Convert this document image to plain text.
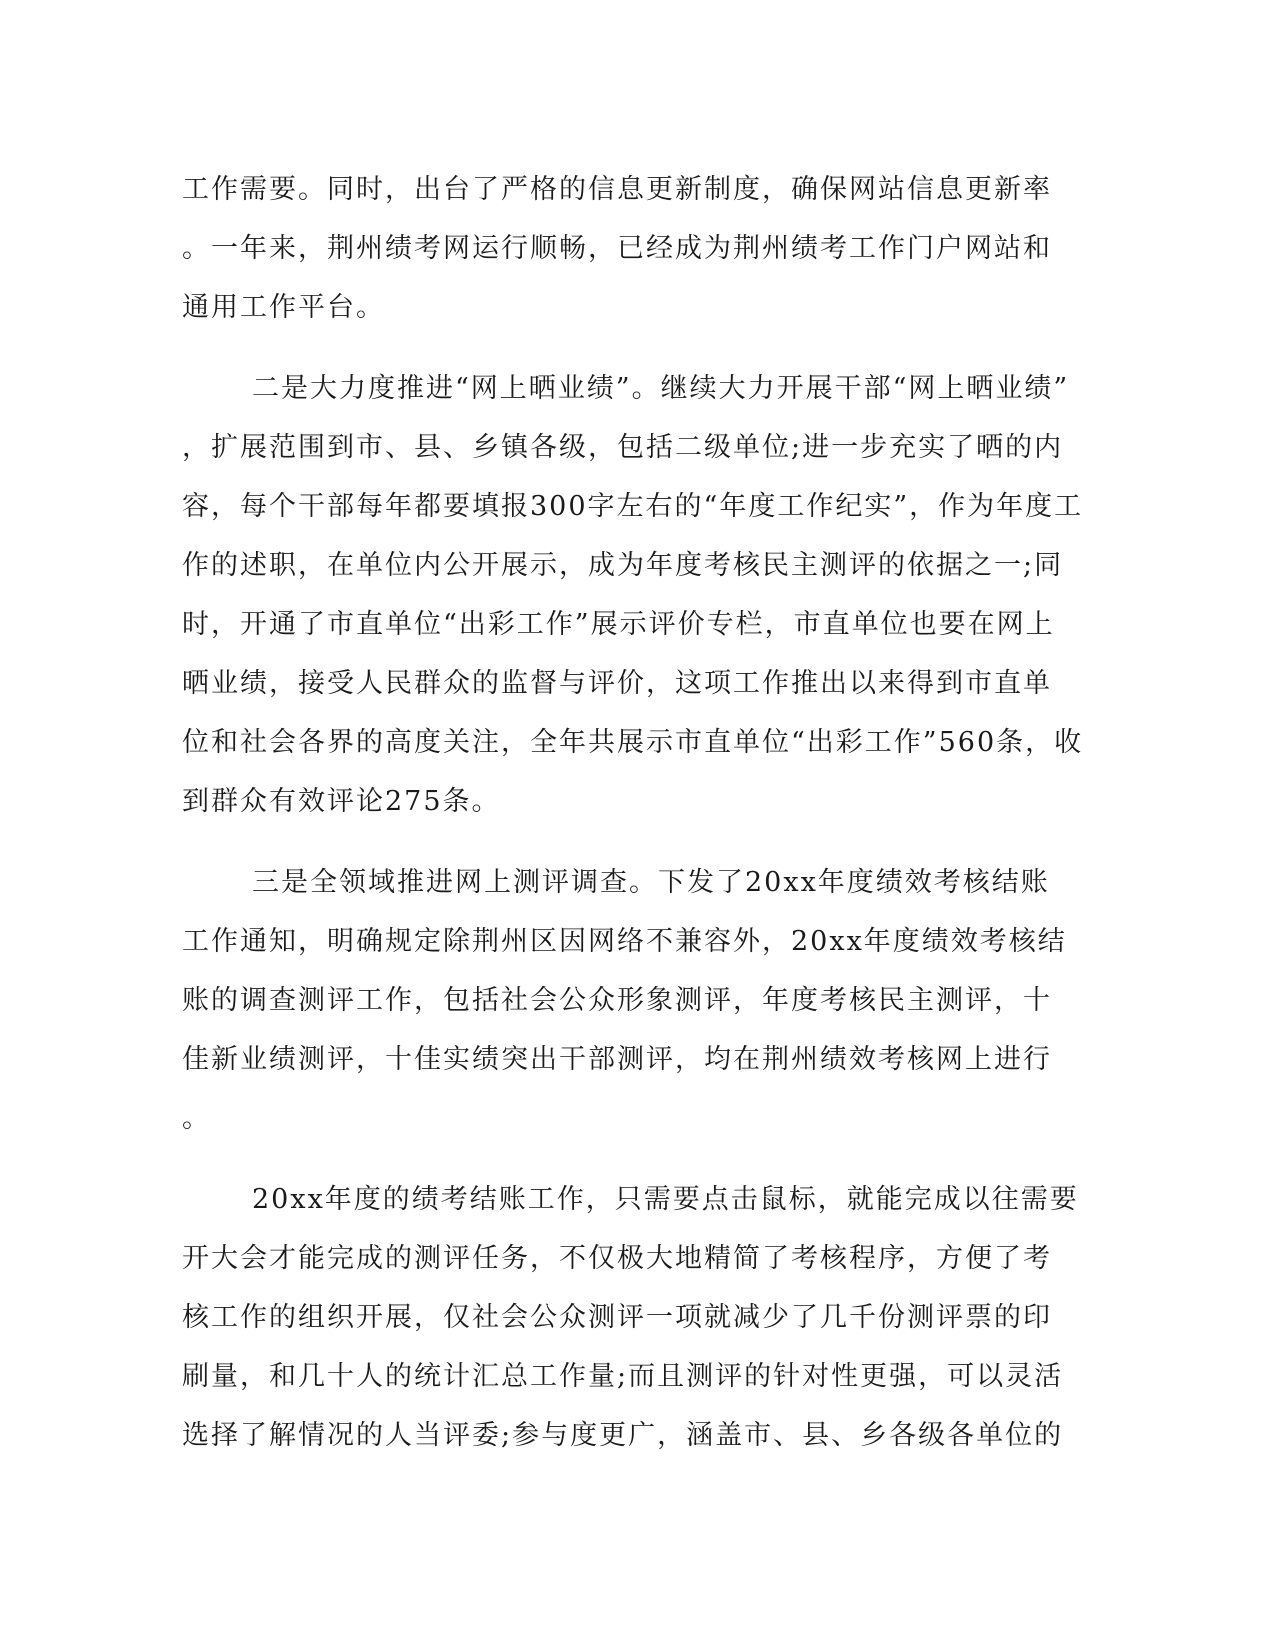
工作需要。同时，出台了严格的信息更新制度，确保网站信息更新率
。一年来，荆州绩考网运行顺畅，已经成为荆州绩考工作门户网站和
通用工作平台。
二是大力度推进“网上晒业绩”。继续大力开展干部“网上晒业绩”
，扩展范围到市、县、乡镇各级，包括二级单位;进一步充实了晒的内
容，每个干部每年都要填报300字左右的“年度工作纪实”，作为年度工
作的述职，在单位内公开展示，成为年度考核民主测评的依据之一;同
时，开通了市直单位“出彩工作”展示评价专栏，市直单位也要在网上
晒业绩，接受人民群众的监督与评价，这项工作推出以来得到市直单
位和社会各界的高度关注，全年共展示市直单位“出彩工作”560条，收
到群众有效评论275条。
三是全领域推进网上测评调查。下发了20xx年度绩效考核结账
工作通知，明确规定除荆州区因网络不兼容外，20xx年度绩效考核结
账的调查测评工作，包括社会公众形象测评，年度考核民主测评，十
佳新业绩测评，十佳实绩突出干部测评，均在荆州绩效考核网上进行
。
20xx年度的绩考结账工作，只需要点击鼠标，就能完成以往需要
开大会才能完成的测评任务，不仅极大地精简了考核程序，方便了考
核工作的组织开展，仅社会公众测评一项就减少了几千份测评票的印
刷量，和几十人的统计汇总工作量;而且测评的针对性更强，可以灵活
选择了解情况的人当评委;参与度更广，涵盖市、县、乡各级各单位的
